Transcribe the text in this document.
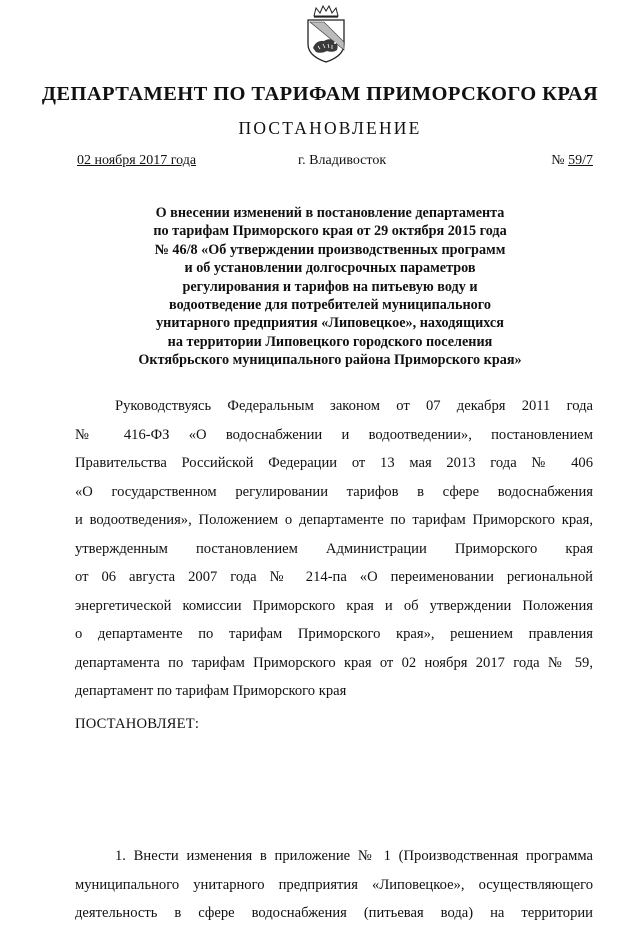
ДЕПАРТАМЕНТ ПО ТАРИФАМ ПРИМОРСКОГО КРАЯ
ПОСТАНОВЛЕНИЕ
02 ноября 2017 года	г. Владивосток	№ 59/7
О внесении изменений в постановление департамента
по тарифам Приморского края от 29 октября 2015 года
№ 46/8 «Об утверждении производственных программ
и об установлении долгосрочных параметров
регулирования и тарифов на питьевую воду и
водоотведение для потребителей муниципального
унитарного предприятия «Липовецкое», находящихся
на территории Липовецкого городского поселения
Октябрьского муниципального района Приморского края»
Руководствуясь Федеральным законом от 07 декабря 2011 года
№ 416-ФЗ «О водоснабжении и водоотведении», постановлением
Правительства Российской Федерации от 13 мая 2013 года № 406
«О государственном регулировании тарифов в сфере водоснабжения
и водоотведения», Положением о департаменте по тарифам Приморского края,
утвержденным постановлением Администрации Приморского края
от 06 августа 2007 года № 214-па «О переименовании региональной
энергетической комиссии Приморского края и об утверждении Положения
о департаменте по тарифам Приморского края», решением правления
департамента по тарифам Приморского края от 02 ноября 2017 года № 59,
департамент по тарифам Приморского края
ПОСТАНОВЛЯЕТ:
1. Внести изменения в приложение № 1 (Производственная программа
муниципального унитарного предприятия «Липовецкое», осуществляющего
деятельность в сфере водоснабжения (питьевая вода) на территории
